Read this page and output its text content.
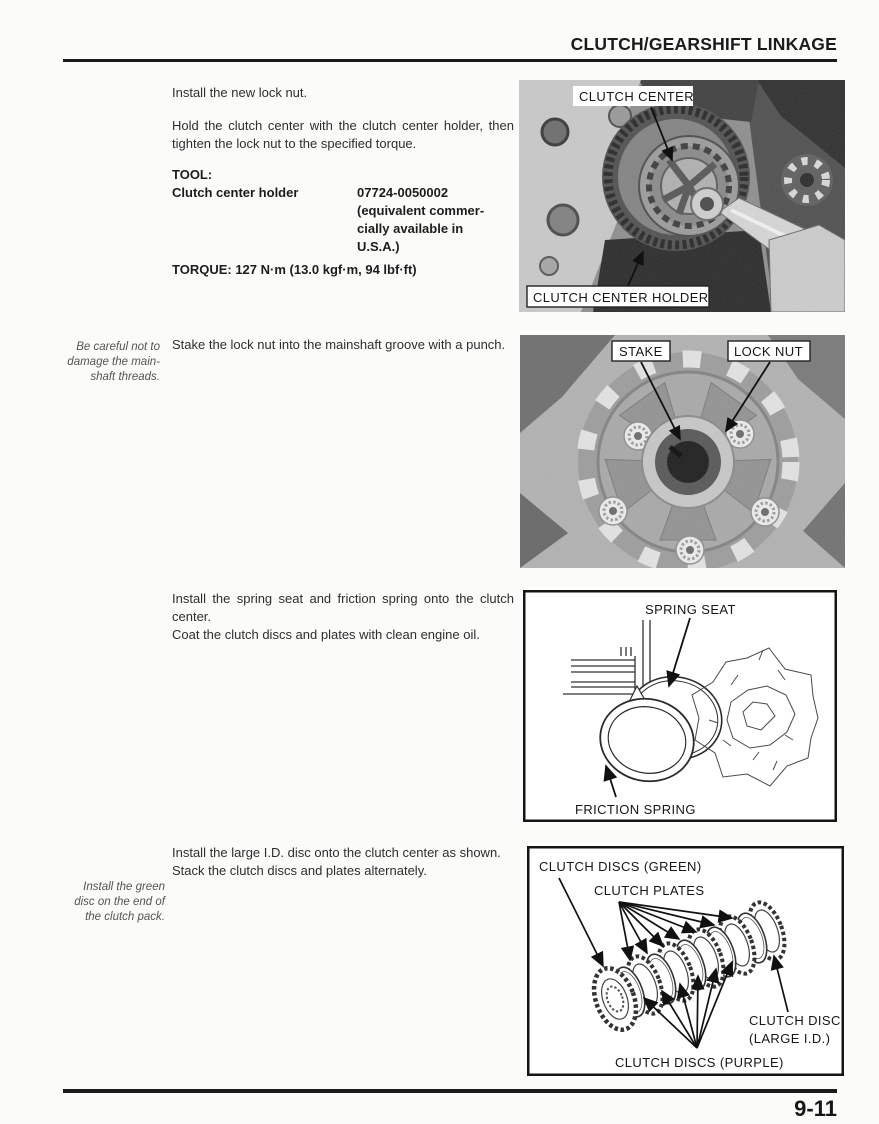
CLUTCH/GEARSHIFT LINKAGE

Install the new lock nut.

Hold the clutch center with the clutch center holder, then tighten the lock nut to the specified torque.

TOOL:
Clutch center holder	07724-0050002
(equivalent commer-
cially available in
U.S.A.)
TORQUE: 127 N·m (13.0 kgf·m, 94 lbf·ft)
CLUTCH CENTER
CLUTCH CENTER HOLDER
Be careful not to
damage the main-
shaft threads.

Stake the lock nut into the mainshaft groove with a punch.	STAKE	LOCK NUT

Install the spring seat and friction spring onto the clutch center.

Coat the clutch discs and plates with clean engine oil.

SPRING SEAT
FRICTION SPRING

Install the large I.D. disc onto the clutch center as shown.

Stack the clutch discs and plates alternately.

Install the green
disc on the end of
the clutch pack.
CLUTCH DISCS (GREEN)
CLUTCH PLATES
CLUTCH DISC
(LARGE I.D.)
CLUTCH DISCS (PURPLE)
9-11
